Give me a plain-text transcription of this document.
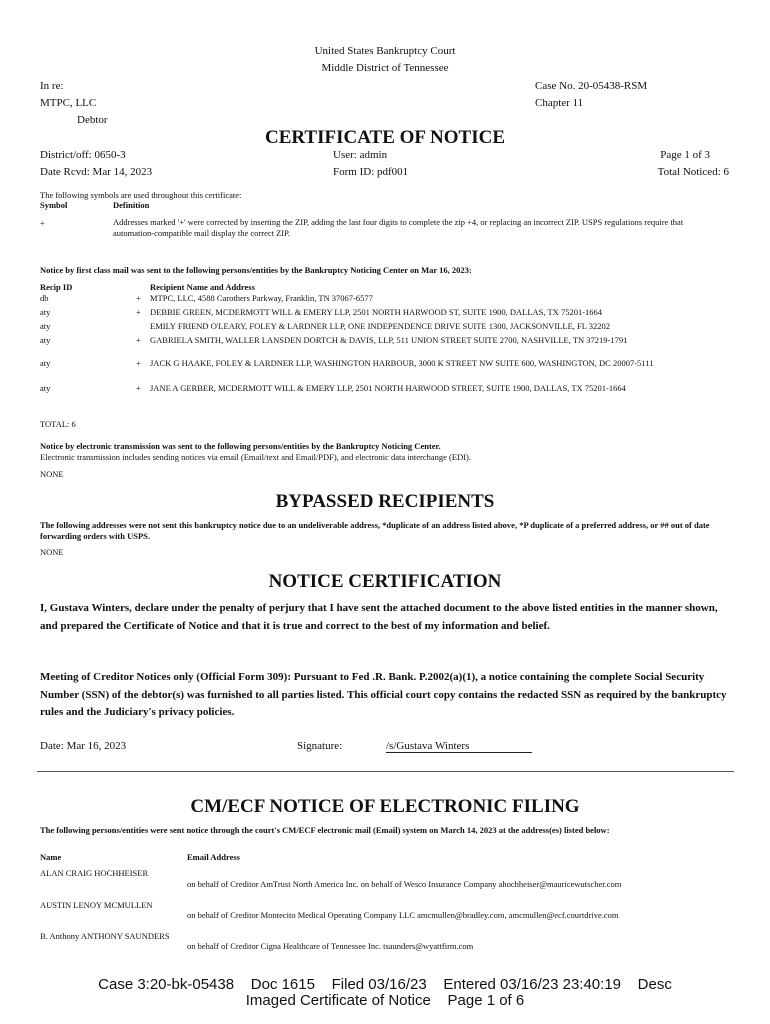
United States Bankruptcy Court
Middle District of Tennessee
In re:
MTPC, LLC
Debtor
Case No. 20-05438-RSM
Chapter 11
CERTIFICATE OF NOTICE
District/off: 0650-3
Date Rcvd: Mar 14, 2023
User: admin
Form ID: pdf001
Page 1 of 3
Total Noticed: 6
The following symbols are used throughout this certificate:
Symbol	Definition
+	Addresses marked '+' were corrected by inserting the ZIP, adding the last four digits to complete the zip +4, or replacing an incorrect ZIP. USPS regulations require that automation-compatible mail display the correct ZIP.
Notice by first class mail was sent to the following persons/entities by the Bankruptcy Noticing Center on Mar 16, 2023:
Recip ID	Recipient Name and Address
db	+ MTPC, LLC, 4588 Carothers Parkway, Franklin, TN 37067-6577
aty	+ DEBBIE GREEN, MCDERMOTT WILL & EMERY LLP, 2501 NORTH HARWOOD ST, SUITE 1900, DALLAS, TX 75201-1664
aty	EMILY FRIEND O'LEARY, FOLEY & LARDNER LLP, ONE INDEPENDENCE DRIVE SUITE 1300, JACKSONVILLE, FL 32202
aty	+ GABRIELA SMITH, WALLER LANSDEN DORTCH & DAVIS, LLP, 511 UNION STREET SUITE 2700, NASHVILLE, TN 37219-1791
aty	+ JACK G HAAKE, FOLEY & LARDNER LLP, WASHINGTON HARBOUR, 3000 K STREET NW SUITE 600, WASHINGTON, DC 20007-5111
aty	+ JANE A GERBER, MCDERMOTT WILL & EMERY LLP, 2501 NORTH HARWOOD STREET, SUITE 1900, DALLAS, TX 75201-1664
TOTAL: 6
Notice by electronic transmission was sent to the following persons/entities by the Bankruptcy Noticing Center.
Electronic transmission includes sending notices via email (Email/text and Email/PDF), and electronic data interchange (EDI).
NONE
BYPASSED RECIPIENTS
The following addresses were not sent this bankruptcy notice due to an undeliverable address, *duplicate of an address listed above, *P duplicate of a preferred address, or ## out of date forwarding orders with USPS.
NONE
NOTICE CERTIFICATION
I, Gustava Winters, declare under the penalty of perjury that I have sent the attached document to the above listed entities in the manner shown, and prepared the Certificate of Notice and that it is true and correct to the best of my information and belief.
Meeting of Creditor Notices only (Official Form 309): Pursuant to Fed .R. Bank. P.2002(a)(1), a notice containing the complete Social Security Number (SSN) of the debtor(s) was furnished to all parties listed. This official court copy contains the redacted SSN as required by the bankruptcy rules and the Judiciary's privacy policies.
Date: Mar 16, 2023	Signature:	/s/Gustava Winters
CM/ECF NOTICE OF ELECTRONIC FILING
The following persons/entities were sent notice through the court's CM/ECF electronic mail (Email) system on March 14, 2023 at the address(es) listed below:
Name	Email Address
ALAN CRAIG HOCHHEISER
on behalf of Creditor AmTrust North America Inc. on behalf of Wesco Insurance Company ahochheiser@mauricewutscher.com
AUSTIN LENOY MCMULLEN
on behalf of Creditor Montecito Medical Operating Company LLC amcmullen@bradley.com, amcmullen@ecf.courtdrive.com
B. Anthony ANTHONY SAUNDERS
on behalf of Creditor Cigna Healthcare of Tennessee Inc. tsaunders@wyattfirm.com
Case 3:20-bk-05438    Doc 1615    Filed 03/16/23    Entered 03/16/23 23:40:19    Desc
Imaged Certificate of Notice    Page 1 of 6
